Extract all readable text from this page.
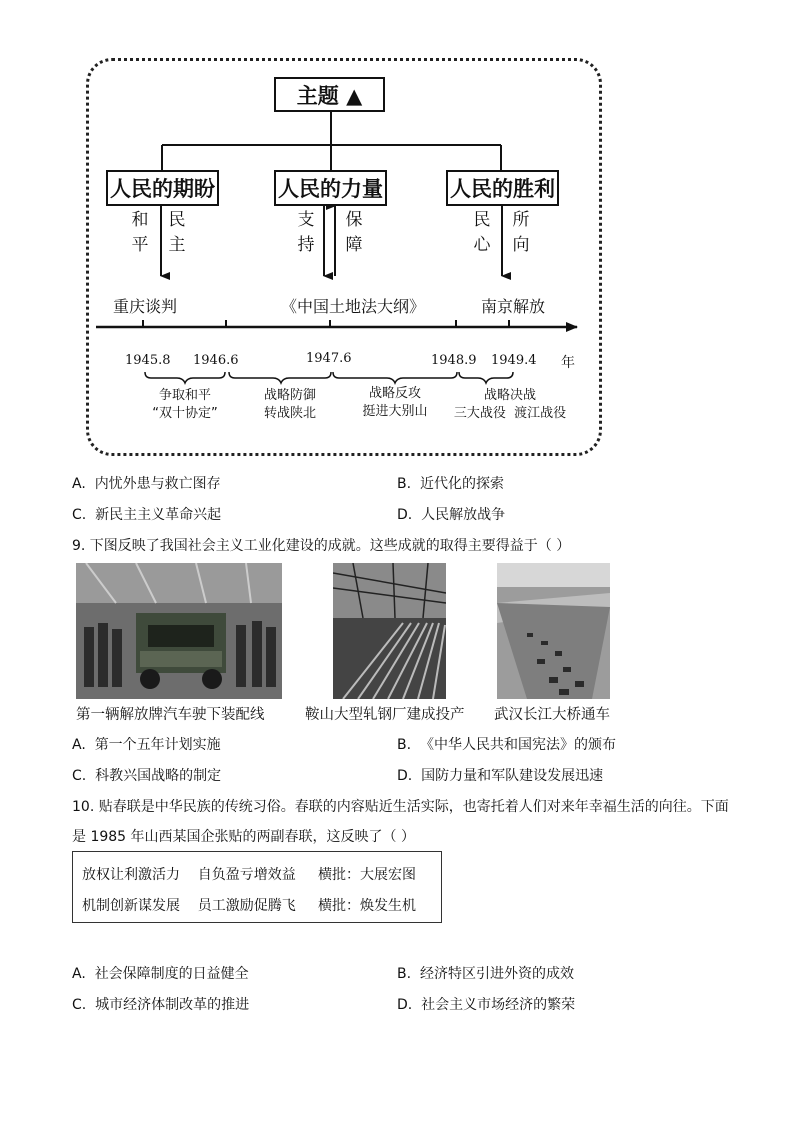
主题 ▲
人民的期盼	人民的力量	人民的胜利
和
平
民
主
支
持
保
障
民
心
所
向
重庆谈判	《中国土地法大纲》	南京解放
1945.8 1946.6	1947.6	1948.9 1949.4 年
争取和平
“双十协定”
战略防御
转战陕北
战略反攻
挺进大别山
战略决战
三大战役  渡江战役
A. 内忧外患与救亡图存	B. 近代化的探索
C. 新民主主义革命兴起	D. 人民解放战争
9. 下图反映了我国社会主义工业化建设的成就。这些成就的取得主要得益于（ ）
第一辆解放牌汽车驶下装配线	鞍山大型轧钢厂建成投产 武汉长江大桥通车
A. 第一个五年计划实施	B. 《中华人民共和国宪法》的颁布
C. 科教兴国战略的制定	D. 国防力量和军队建设发展迅速
10. 贴春联是中华民族的传统习俗。春联的内容贴近生活实际，也寄托着人们对来年幸福生活的向往。下面
是 1985 年山西某国企张贴的两副春联，这反映了（ ）
放权让利激活力    自负盈亏增效益     横批：大展宏图
机制创新谋发展    员工激励促腾飞     横批：焕发生机
A. 社会保障制度的日益健全	B. 经济特区引进外资的成效
C. 城市经济体制改革的推进	D. 社会主义市场经济的繁荣
